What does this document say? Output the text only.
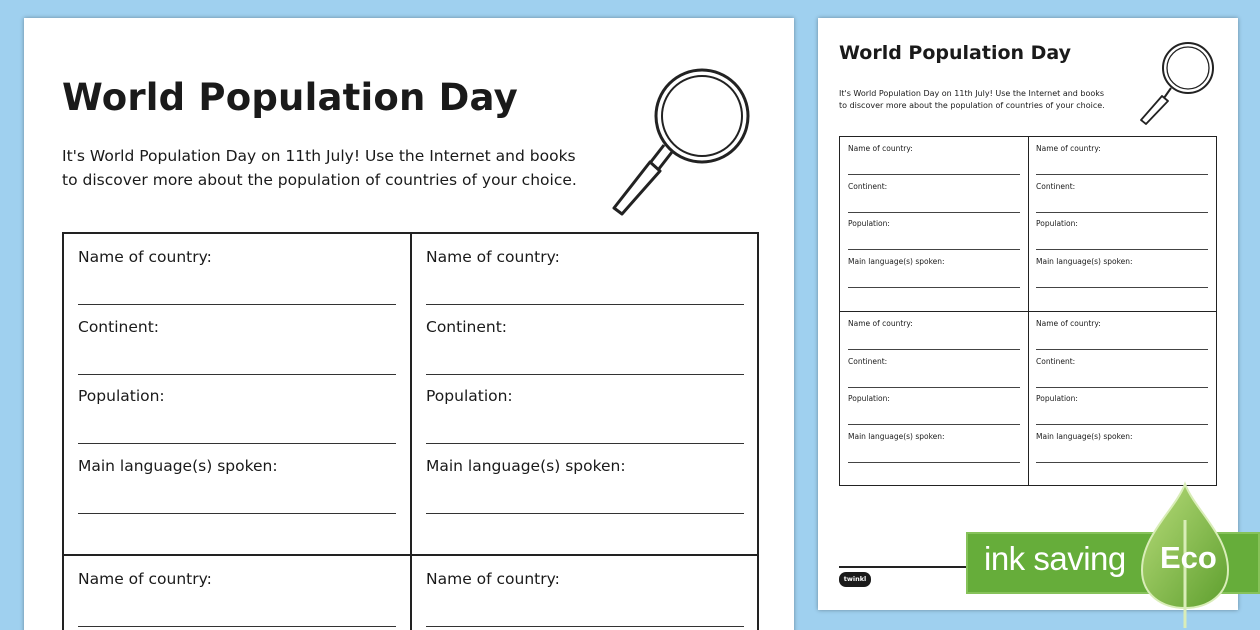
World Population Day
It's World Population Day on 11th July! Use the Internet and books
to discover more about the population of countries of your choice.
Name of country:
Continent:
Population:
Main language(s) spoken:
Name of country:
Continent:
Population:
Main language(s) spoken:
Name of country:	Name of country:
World Population Day
It's World Population Day on 11th July! Use the Internet and books
to discover more about the population of countries of your choice.
Name of country:
Continent:
Population:
Main language(s) spoken:
Name of country:
Continent:
Population:
Main language(s) spoken:
Name of country:
Continent:
Population:
Main language(s) spoken:
Name of country:
Continent:
Population:
Main language(s) spoken:
twinkl
ink saving Eco
